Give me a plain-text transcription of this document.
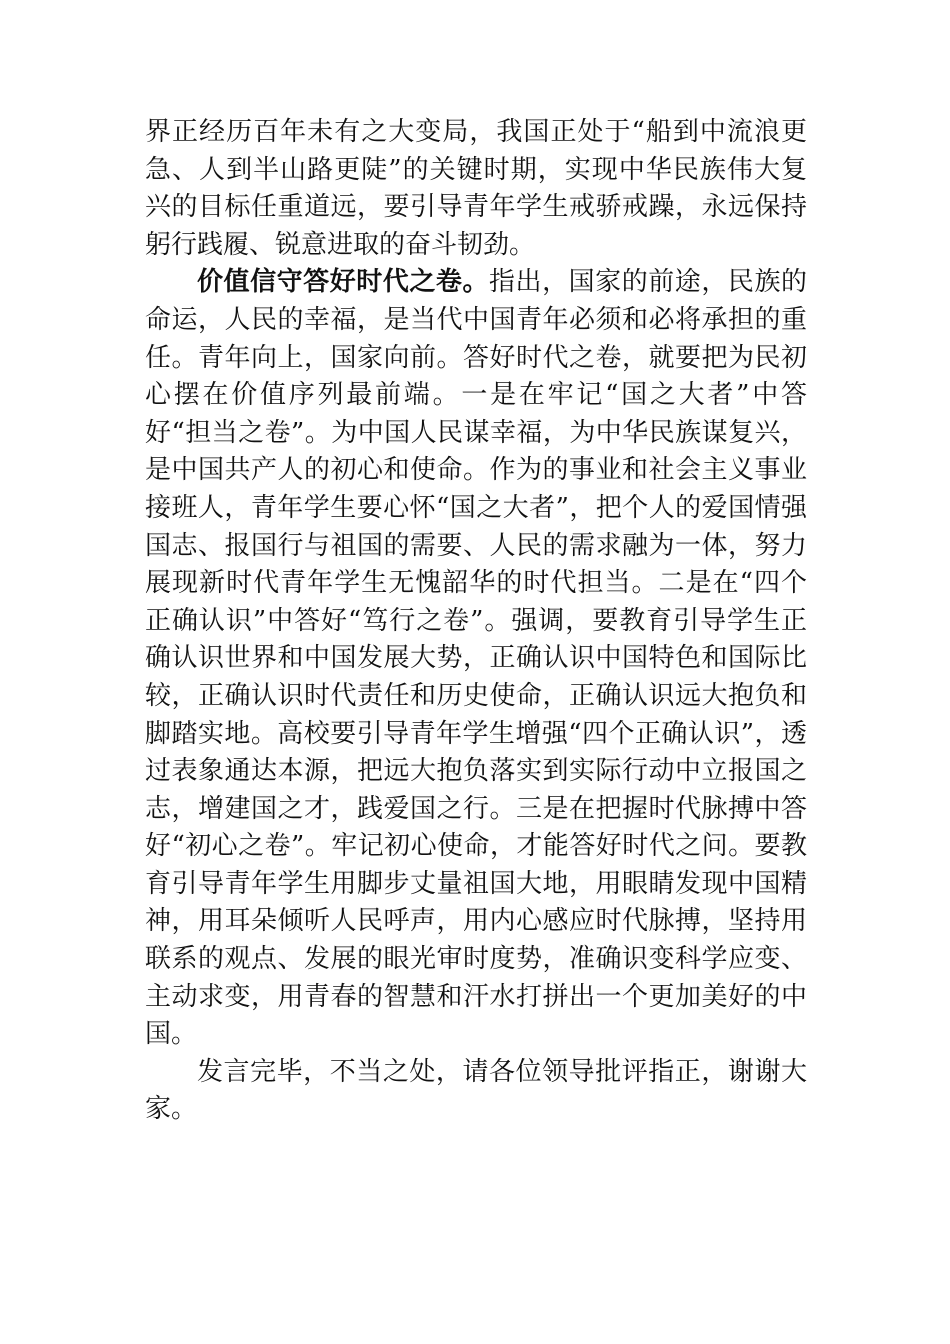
界正经历百年未有之大变局，我国正处于“船到中流浪更急、人到半山路更陡”的关键时期，实现中华民族伟大复兴的目标任重道远，要引导青年学生戒骄戒躁，永远保持躬行践履、锐意进取的奋斗韧劲。

价值信守答好时代之卷。指出，国家的前途，民族的命运，人民的幸福，是当代中国青年必须和必将承担的重任。青年向上，国家向前。答好时代之卷，就要把为民初心摆在价值序列最前端。一是在牢记“国之大者”中答好“担当之卷”。为中国人民谋幸福，为中华民族谋复兴，是中国共产人的初心和使命。作为的事业和社会主义事业接班人，青年学生要心怀“国之大者”，把个人的爱国情强国志、报国行与祖国的需要、人民的需求融为一体，努力展现新时代青年学生无愧韶华的时代担当。二是在“四个正确认识”中答好“笃行之卷”。强调，要教育引导学生正确认识世界和中国发展大势，正确认识中国特色和国际比较，正确认识时代责任和历史使命，正确认识远大抱负和脚踏实地。高校要引导青年学生增强“四个正确认识”，透过表象通达本源，把远大抱负落实到实际行动中立报国之志，增建国之才，践爱国之行。三是在把握时代脉搏中答好“初心之卷”。牢记初心使命，才能答好时代之问。要教育引导青年学生用脚步丈量祖国大地，用眼睛发现中国精神，用耳朵倾听人民呼声，用内心感应时代脉搏，坚持用联系的观点、发展的眼光审时度势，准确识变科学应变、主动求变，用青春的智慧和汗水打拼出一个更加美好的中国。

发言完毕，不当之处，请各位领导批评指正，谢谢大家。
